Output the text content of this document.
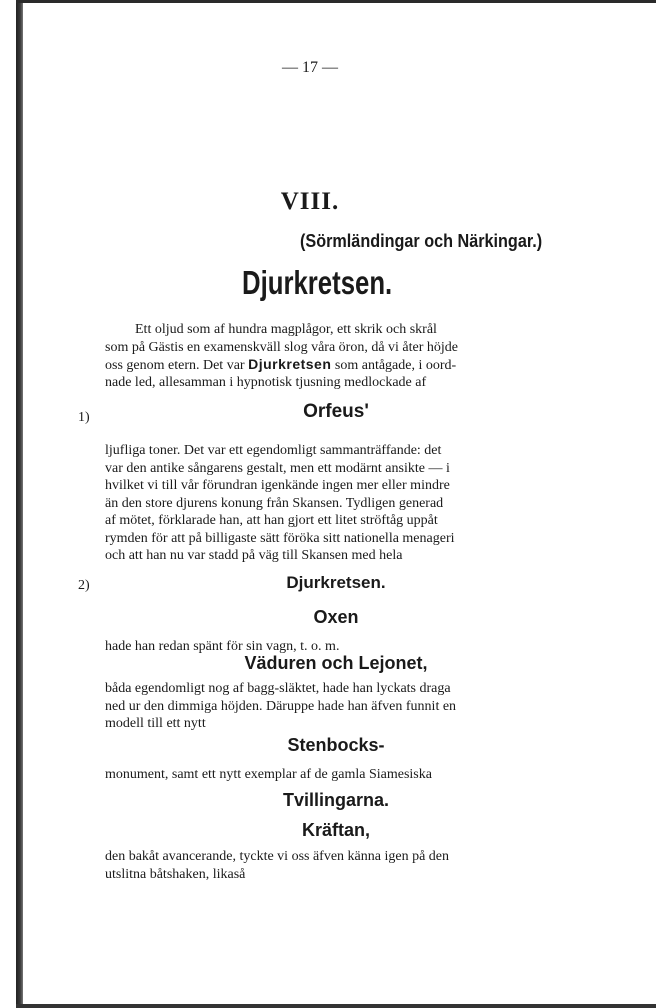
— 17 —
VIII.
(Sörmländingar och Närkingar.)
Djurkretsen.
Ett oljud som af hundra magplågor, ett skrik och skrål
som på Gästis en examenskväll slog våra öron, då vi åter höjde
oss genom etern. Det var Djurkretsen som antågade, i oord-
nade led, allesamman i hypnotisk tjusning medlockade af
1)	Orfeus'
ljufliga toner. Det var ett egendomligt sammanträffande: det
var den antike sångarens gestalt, men ett modärnt ansikte — i
hvilket vi till vår förundran igenkände ingen mer eller mindre
än den store djurens konung från Skansen. Tydligen generad
af mötet, förklarade han, att han gjort ett litet ströftåg uppåt
rymden för att på billigaste sätt föröka sitt nationella menageri
och att han nu var stadd på väg till Skansen med hela
2)	Djurkretsen.
Oxen
hade han redan spänt för sin vagn, t. o. m.
Väduren och Lejonet,
båda egendomligt nog af bagg-släktet, hade han lyckats draga
ned ur den dimmiga höjden. Däruppe hade han äfven funnit en
modell till ett nytt
Stenbocks-
monument, samt ett nytt exemplar af de gamla Siamesiska
Tvillingarna.
Kräftan,
den bakåt avancerande, tyckte vi oss äfven känna igen på den
utslitna båtshaken, likaså
